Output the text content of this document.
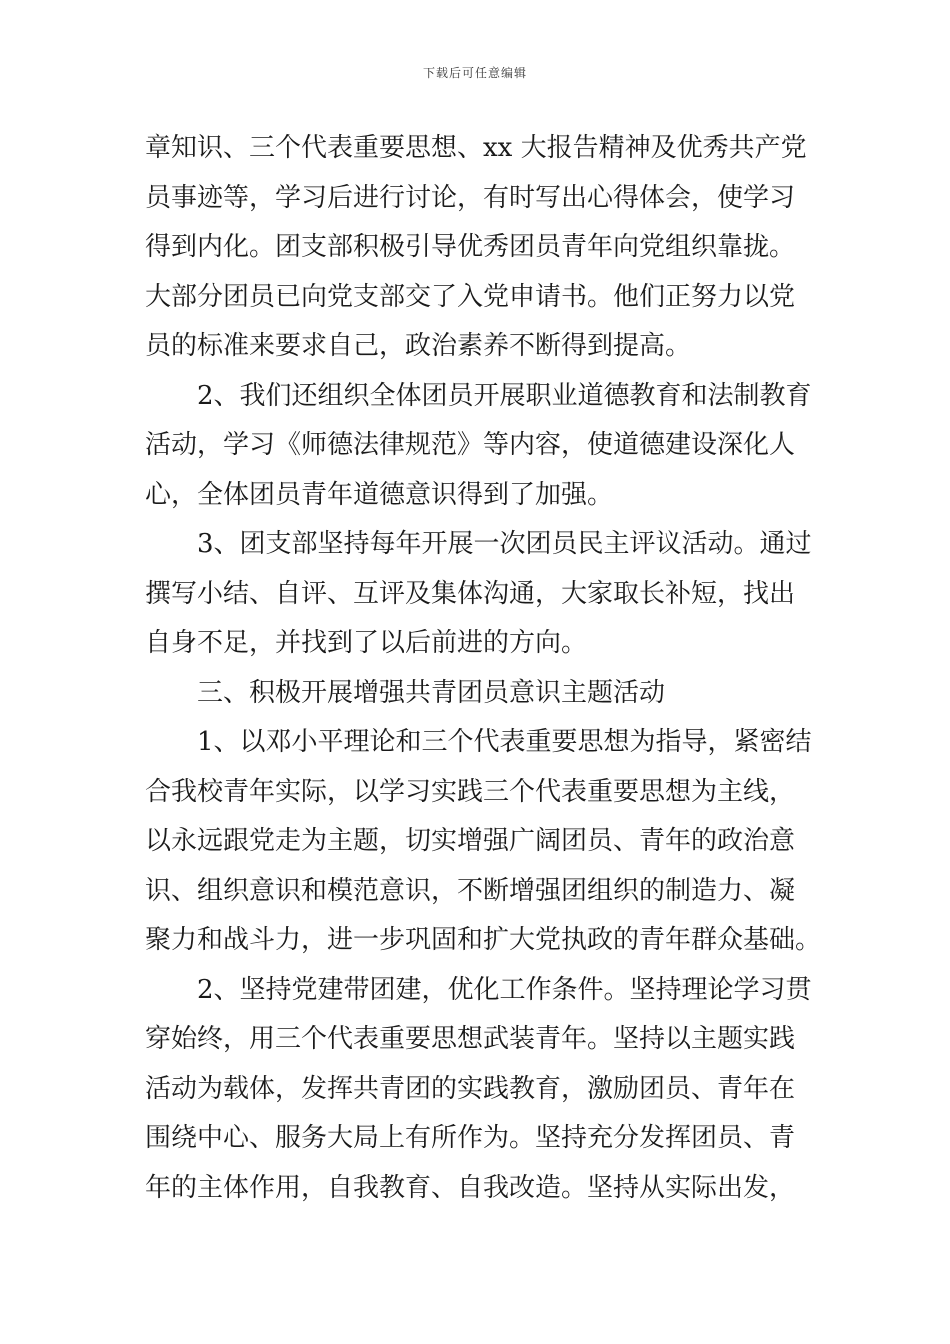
下载后可任意编辑
章知识、三个代表重要思想、xx 大报告精神及优秀共产党
员事迹等，学习后进行讨论，有时写出心得体会，使学习
得到内化。团支部积极引导优秀团员青年向党组织靠拢。
大部分团员已向党支部交了入党申请书。他们正努力以党
员的标准来要求自己，政治素养不断得到提高。
2、我们还组织全体团员开展职业道德教育和法制教育
活动，学习《师德法律规范》等内容，使道德建设深化人
心，全体团员青年道德意识得到了加强。
3、团支部坚持每年开展一次团员民主评议活动。通过
撰写小结、自评、互评及集体沟通，大家取长补短，找出
自身不足，并找到了以后前进的方向。
三、积极开展增强共青团员意识主题活动
1、以邓小平理论和三个代表重要思想为指导，紧密结
合我校青年实际，以学习实践三个代表重要思想为主线，
以永远跟党走为主题，切实增强广阔团员、青年的政治意
识、组织意识和模范意识，不断增强团组织的制造力、凝
聚力和战斗力，进一步巩固和扩大党执政的青年群众基础。
2、坚持党建带团建，优化工作条件。坚持理论学习贯
穿始终，用三个代表重要思想武装青年。坚持以主题实践
活动为载体，发挥共青团的实践教育，激励团员、青年在
围绕中心、服务大局上有所作为。坚持充分发挥团员、青
年的主体作用，自我教育、自我改造。坚持从实际出发，
